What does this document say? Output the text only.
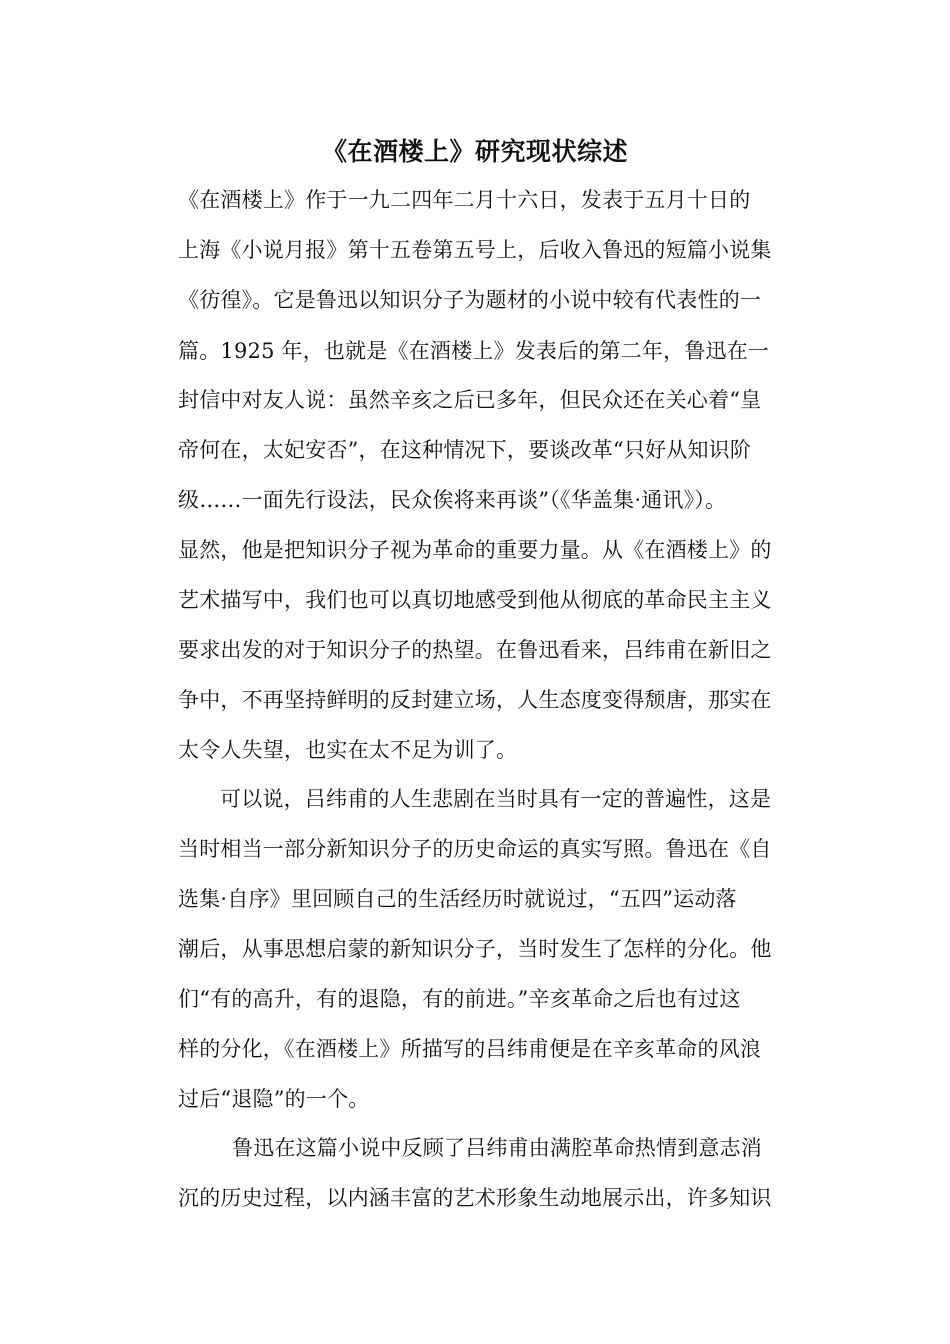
《在酒楼上》研究现状综述
《在酒楼上》作于一九二四年二月十六日，发表于五月十日的
上海《小说月报》第十五卷第五号上，后收入鲁迅的短篇小说集
《彷徨》。它是鲁迅以知识分子为题材的小说中较有代表性的一
篇。1925 年，也就是《在酒楼上》发表后的第二年，鲁迅在一
封信中对友人说：虽然辛亥之后已多年，但民众还在关心着“皇
帝何在，太妃安否”，在这种情况下，要谈改革“只好从知识阶
级……一面先行设法，民众俟将来再谈”（《华盖集·通讯》）。
显然，他是把知识分子视为革命的重要力量。从《在酒楼上》的
艺术描写中，我们也可以真切地感受到他从彻底的革命民主主义
要求出发的对于知识分子的热望。在鲁迅看来，吕纬甫在新旧之
争中，不再坚持鲜明的反封建立场，人生态度变得颓唐，那实在
太令人失望，也实在太不足为训了。
可以说，吕纬甫的人生悲剧在当时具有一定的普遍性，这是
当时相当一部分新知识分子的历史命运的真实写照。鲁迅在《自
选集·自序》里回顾自己的生活经历时就说过，“五四”运动落
潮后，从事思想启蒙的新知识分子，当时发生了怎样的分化。他
们“有的高升，有的退隐，有的前进。”辛亥革命之后也有过这
样的分化，《在酒楼上》所描写的吕纬甫便是在辛亥革命的风浪
过后“退隐”的一个。
鲁迅在这篇小说中反顾了吕纬甫由满腔革命热情到意志消
沉的历史过程，以内涵丰富的艺术形象生动地展示出，许多知识
